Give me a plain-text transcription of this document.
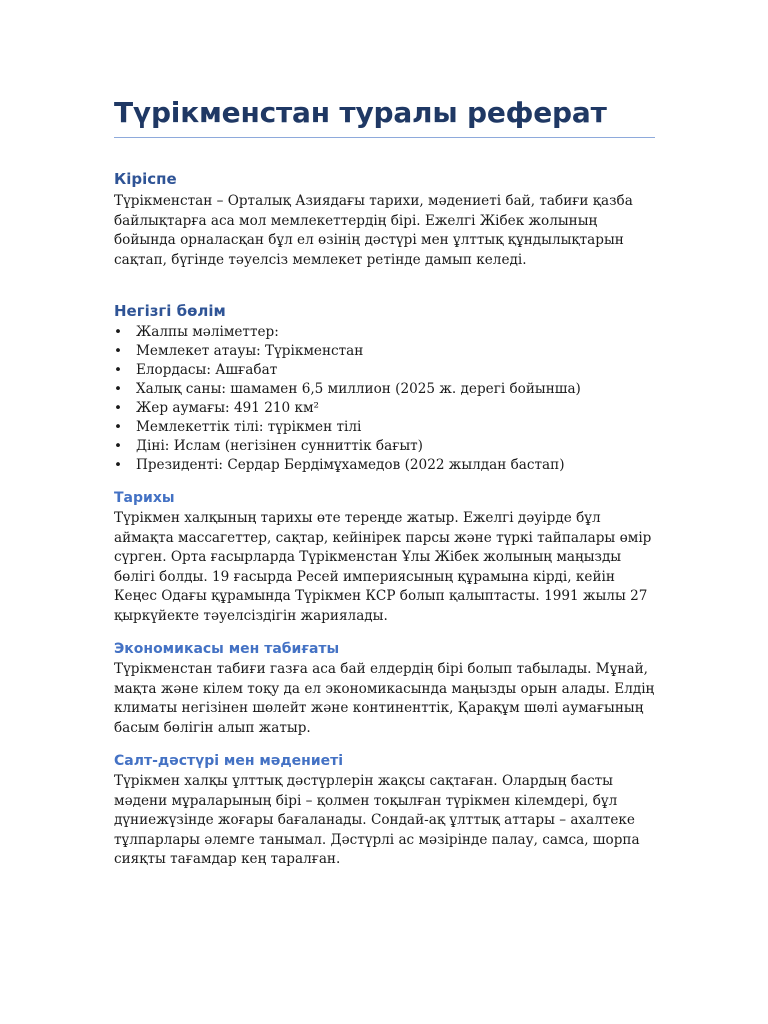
Түрікменстан туралы реферат
Кіріспе

Түрікменстан – Орталық Азиядағы тарихи, мәдениеті бай, табиғи қазба байлықтарға аса мол мемлекеттердің бірі. Ежелгі Жібек жолының бойында орналасқан бұл ел өзінің дәстүрі мен ұлттық құндылықтарын сақтап, бүгінде тәуелсіз мемлекет ретінде дамып келеді.

Негізгі бөлім
• Жалпы мәліметтер:
• Мемлекет атауы: Түрікменстан
• Елордасы: Ашғабат
• Халық саны: шамамен 6,5 миллион (2025 ж. дерегі бойынша)
• Жер аумағы: 491 210 км²
• Мемлекеттік тілі: түрікмен тілі
• Діні: Ислам (негізінен сунниттік бағыт)
• Президенті: Сердар Бердімұхамедов (2022 жылдан бастап)
Тарихы

Түрікмен халқының тарихы өте тереңде жатыр. Ежелгі дәуірде бұл аймақта массагеттер, сақтар, кейінірек парсы және түркі тайпалары өмір сүрген. Орта ғасырларда Түрікменстан Ұлы Жібек жолының маңызды бөлігі болды. 19 ғасырда Ресей империясының құрамына кірді, кейін Кеңес Одағы құрамында Түрікмен КСР болып қалыптасты. 1991 жылы 27 қыркүйекте тәуелсіздігін жариялады.

Экономикасы мен табиғаты

Түрікменстан табиғи газға аса бай елдердің бірі болып табылады. Мұнай, мақта және кілем тоқу да ел экономикасында маңызды орын алады. Елдің климаты негізінен шөлейт және континенттік, Қарақұм шөлі аумағының басым бөлігін алып жатыр.

Салт-дәстүрі мен мәдениеті

Түрікмен халқы ұлттық дәстүрлерін жақсы сақтаған. Олардың басты мәдени мұраларының бірі – қолмен тоқылған түрікмен кілемдері, бұл дүниежүзінде жоғары бағаланады. Сондай-ақ ұлттық аттары – ахалтеке тұлпарлары әлемге танымал. Дәстүрлі ас мәзірінде палау, самса, шорпа сияқты тағамдар кең таралған.
